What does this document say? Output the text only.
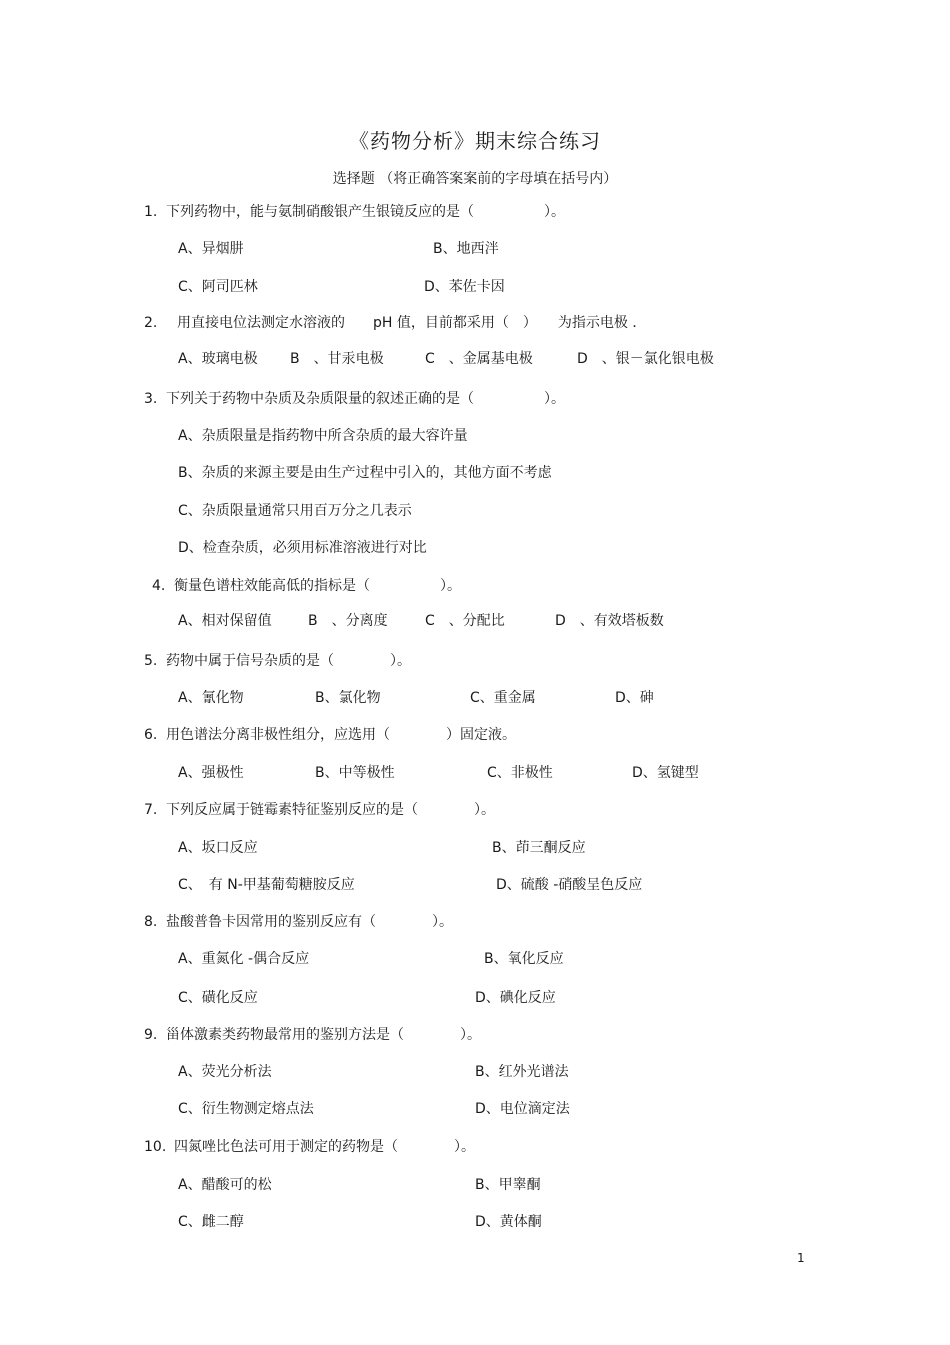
《药物分析》期末综合练习
选择题 （将正确答案案前的字母填在括号内）
1. 下列药物中，能与氨制硝酸银产生银镜反应的是（　　　　　）。
A、异烟肼	B、地西泮
C、阿司匹林	D、苯佐卡因
2. 用直接电位法测定水溶液的　　pH 值，目前都采用（　）　　为指示电极 ．
A、玻璃电极 B　、甘汞电极	C　、金属基电极	D　、银－氯化银电极
3. 下列关于药物中杂质及杂质限量的叙述正确的是（　　　　　）。
A、杂质限量是指药物中所含杂质的最大容许量
B、杂质的来源主要是由生产过程中引入的，其他方面不考虑
C、杂质限量通常只用百万分之几表示
D、检查杂质，必须用标准溶液进行对比
4. 衡量色谱柱效能高低的指标是（　　　　　）。
A、相对保留值	B　、分离度	C　、分配比	D　、有效塔板数
5. 药物中属于信号杂质的是（　　　　）。
A、氰化物	B、氯化物	C、重金属	D、砷
6. 用色谱法分离非极性组分，应选用（　　　　）固定液。
A、强极性	B、中等极性	C、非极性	D、氢键型
7. 下列反应属于链霉素特征鉴别反应的是（　　　　）。
A、坂口反应	B、茚三酮反应
C、　有 N-甲基葡萄糖胺反应	D、硫酸 -硝酸呈色反应
8. 盐酸普鲁卡因常用的鉴别反应有（　　　　）。
A、重氮化 -偶合反应	B、氧化反应
C、磺化反应	D、碘化反应
9. 甾体激素类药物最常用的鉴别方法是（　　　　）。
A、荧光分析法	B、红外光谱法
C、衍生物测定熔点法	D、电位滴定法
10. 四氮唑比色法可用于测定的药物是（　　　　）。
A、醋酸可的松	B、甲睾酮
C、雌二醇	D、黄体酮
1
